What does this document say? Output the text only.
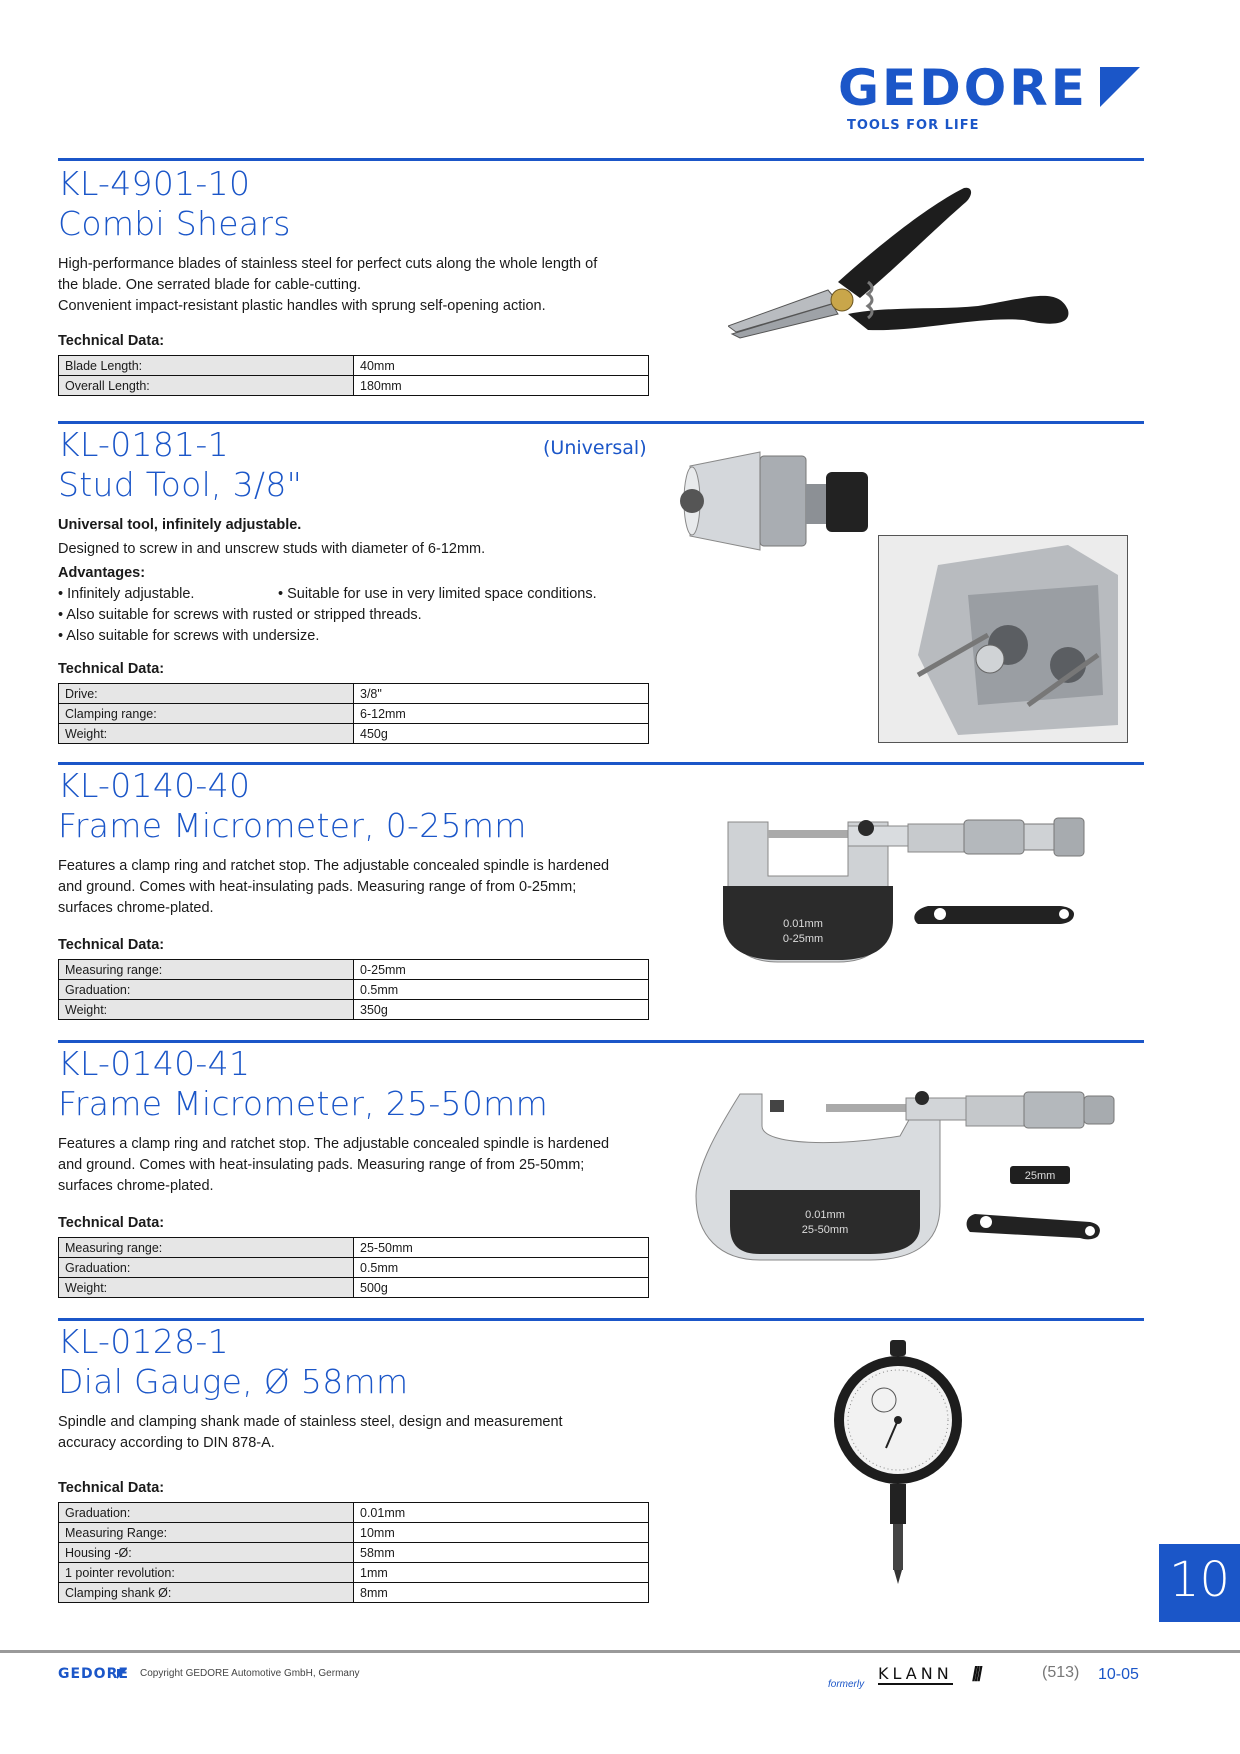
GEDORE
TOOLS FOR LIFE
KL-4901-10
Combi Shears

High-performance blades of stainless steel for perfect cuts along the whole length of

the blade. One serrated blade for cable-cutting.

Convenient impact-resistant plastic handles with sprung self-opening action.

Technical Data:
Blade Length:	40mm
Overall Length:	180mm
KL-0181-1	(Universal)
Stud Tool, 3/8"

Universal tool, infinitely adjustable.

Designed to screw in and unscrew studs with diameter of 6-12mm.

Advantages:

• Infinitely adjustable.	• Suitable for use in very limited space conditions.

• Also suitable for screws with rusted or stripped threads.

• Also suitable for screws with undersize.

Technical Data:
Drive:	3/8"
Clamping range:	6-12mm
Weight:	450g
KL-0140-40
Frame Micrometer, 0-25mm

Features a clamp ring and ratchet stop. The adjustable concealed spindle is hardened

and ground. Comes with heat-insulating pads. Measuring range of from 0-25mm;

surfaces chrome-plated.

Technical Data:
Measuring range:	0-25mm
Graduation:	0.5mm
Weight:	350g
0.01mm
0-25mm
KL-0140-41
Frame Micrometer, 25-50mm

Features a clamp ring and ratchet stop. The adjustable concealed spindle is hardened

and ground. Comes with heat-insulating pads. Measuring range of from 25-50mm;

surfaces chrome-plated.

Technical Data:
Measuring range:	25-50mm
Graduation:	0.5mm
Weight:	500g
0.01mm
25-50mm
25mm
KL-0128-1
Dial Gauge, Ø 58mm

Spindle and clamping shank made of stainless steel, design and measurement

accuracy according to DIN 878-A.

Technical Data:
Graduation:	0.01mm
Measuring Range:	10mm
Housing -Ø:	58mm
1 pointer revolution:	1mm
Clamping shank Ø:	8mm	10
GEDORE Copyright GEDORE Automotive GmbH, Germany
formerly
KLANN ///	(513) 10-05
